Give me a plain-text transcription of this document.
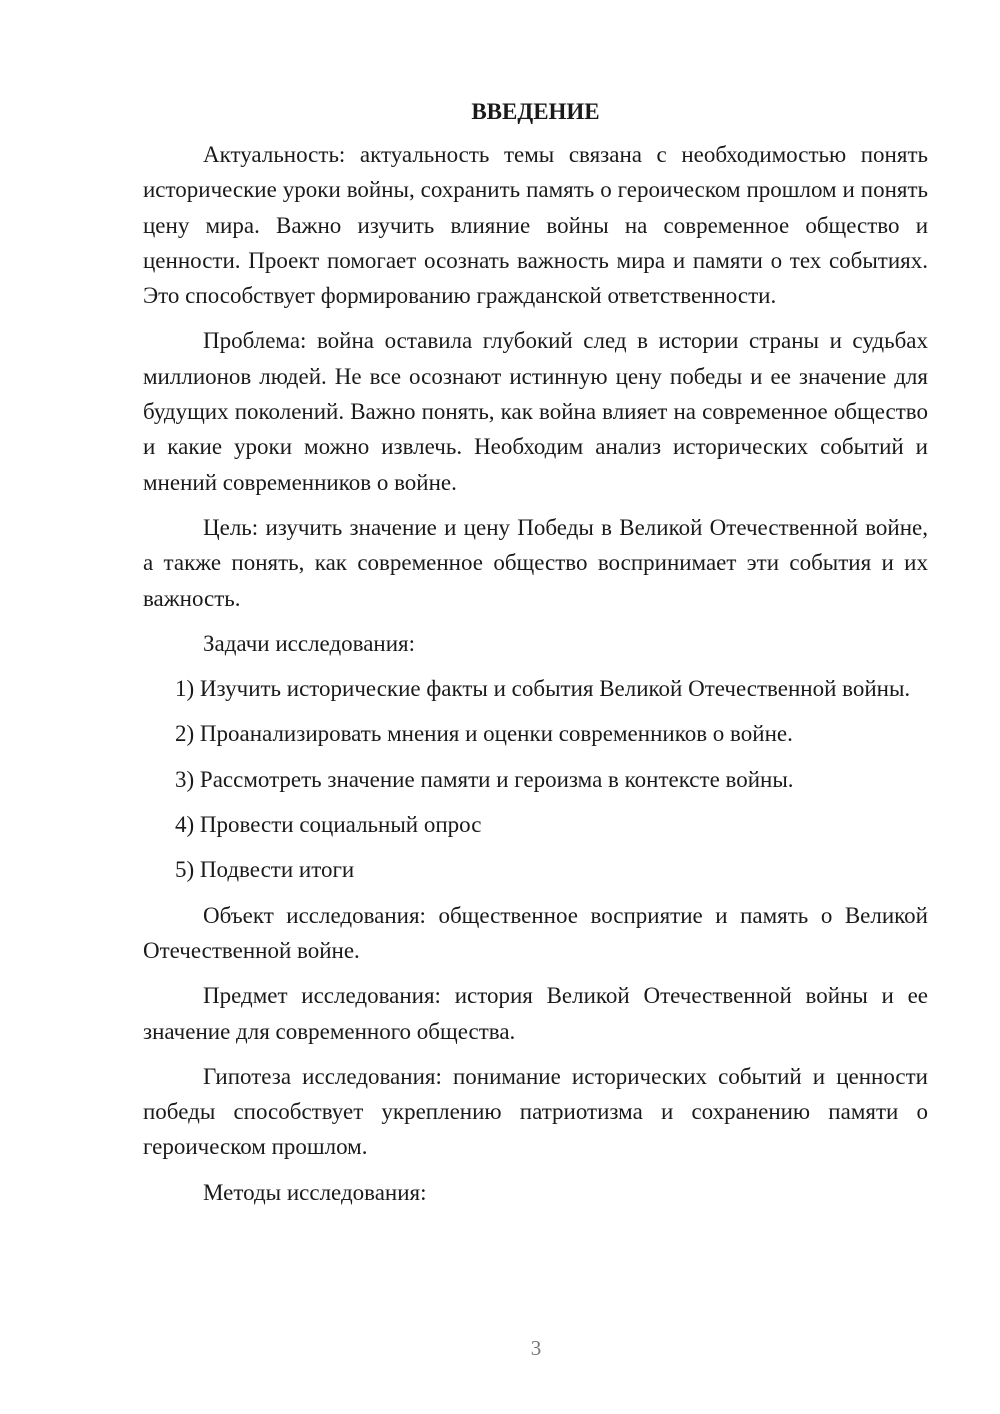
ВВЕДЕНИЕ

Актуальность: актуальность темы связана с необходимостью понять исторические уроки войны, сохранить память о героическом прошлом и понять цену мира. Важно изучить влияние войны на современное общество и ценности. Проект помогает осознать важность мира и памяти о тех событиях. Это способствует формированию гражданской ответственности.

Проблема: война оставила глубокий след в истории страны и судьбах миллионов людей. Не все осознают истинную цену победы и ее значение для будущих поколений. Важно понять, как война влияет на современное общество и какие уроки можно извлечь. Необходим анализ исторических событий и мнений современников о войне.

Цель: изучить значение и цену Победы в Великой Отечественной войне, а также понять, как современное общество воспринимает эти события и их важность.

Задачи исследования:

1) Изучить исторические факты и события Великой Отечественной войны.
2) Проанализировать мнения и оценки современников о войне.
3) Рассмотреть значение памяти и героизма в контексте войны.
4) Провести социальный опрос
5) Подвести итоги

Объект исследования: общественное восприятие и память о Великой Отечественной войне.

Предмет исследования: история Великой Отечественной войны и ее значение для современного общества.

Гипотеза исследования: понимание исторических событий и ценности победы способствует укреплению патриотизма и сохранению памяти о героическом прошлом.

Методы исследования:

3
